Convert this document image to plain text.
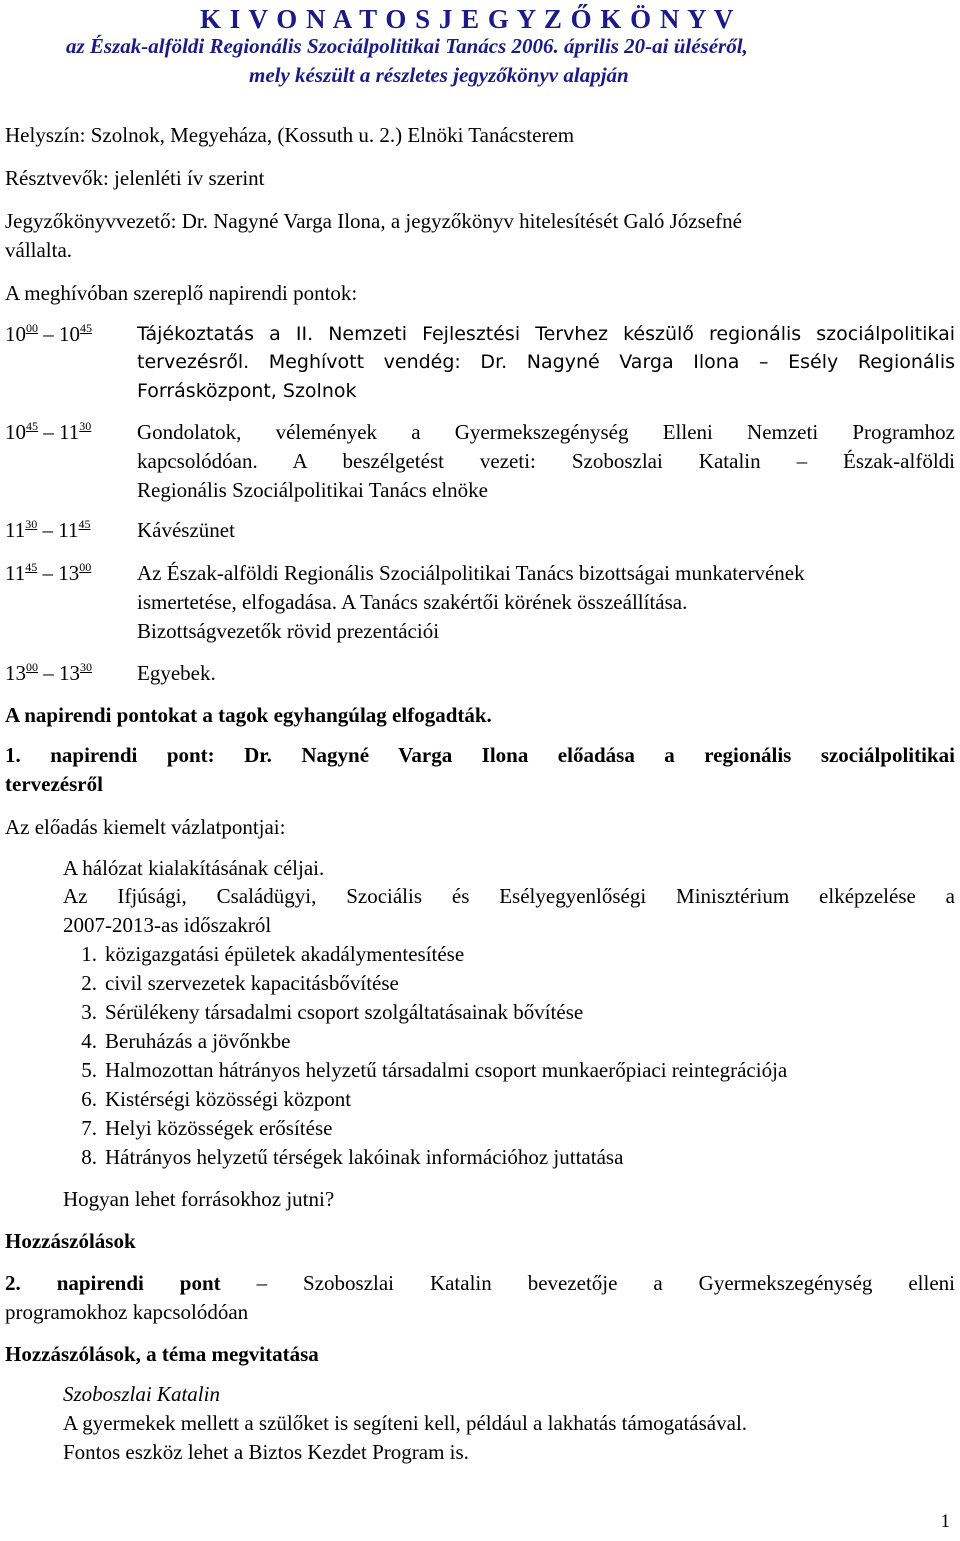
K I V O N A T O S J E G Y Z Ő K Ö N Y V
az Észak-alföldi Regionális Szociálpolitikai Tanács 2006. április 20-ai üléséről,
mely készült a részletes jegyzőkönyv alapján
Helyszín: Szolnok, Megyeháza, (Kossuth u. 2.) Elnöki Tanácsterem
Résztvevők: jelenléti ív szerint
Jegyzőkönyvvezető: Dr. Nagyné Varga Ilona, a jegyzőkönyv hitelesítését Galó Józsefné
vállalta.
A meghívóban szereplő napirendi pontok:
$10^{00} - 10^{45}$ Tájékoztatás a II. Nemzeti Fejlesztési Tervhez készülő regionális szociálpolitikai
tervezésről. Meghívott vendég: Dr. Nagyné Varga Ilona – Esély Regionális
Forrásközpont, Szolnok
$10^{45} - 11^{30}$ Gondolatok, vélemények a Gyermekszegénység Elleni Nemzeti Programhoz
kapcsolódóan. A beszélgetést vezeti: Szoboszlai Katalin – Észak-alföldi
Regionális Szociálpolitikai Tanács elnöke
$11^{30} - 11^{45}$ Kávészünet
$11^{45} - 13^{00}$ Az Észak-alföldi Regionális Szociálpolitikai Tanács bizottságai munkatervének
ismertetése, elfogadása. A Tanács szakértői körének összeállítása.
Bizottságvezetők rövid prezentációi
$13^{00} - 13^{30}$ Egyebek.
A napirendi pontokat a tagok egyhangúlag elfogadták.
1. napirendi pont: Dr. Nagyné Varga Ilona előadása a regionális szociálpolitikai
tervezésről
Az előadás kiemelt vázlatpontjai:
A hálózat kialakításának céljai.
Az Ifjúsági, Családügyi, Szociális és Esélyegyenlőségi Minisztérium elképzelése a
2007-2013-as időszakról
1. közigazgatási épületek akadálymentesítése
2. civil szervezetek kapacitásbővítése
3. Sérülékeny társadalmi csoport szolgáltatásainak bővítése
4. Beruházás a jövőnkbe
5. Halmozottan hátrányos helyzetű társadalmi csoport munkaerőpiaci reintegrációja
6. Kistérségi közösségi központ
7. Helyi közösségek erősítése
8. Hátrányos helyzetű térségek lakóinak információhoz juttatása
Hogyan lehet forrásokhoz jutni?
Hozzászólások
2. napirendi pont – Szoboszlai Katalin bevezetője a Gyermekszegénység elleni
programokhoz kapcsolódóan
Hozzászólások, a téma megvitatása
Szoboszlai Katalin
A gyermekek mellett a szülőket is segíteni kell, például a lakhatás támogatásával.
Fontos eszköz lehet a Biztos Kezdet Program is.
1
